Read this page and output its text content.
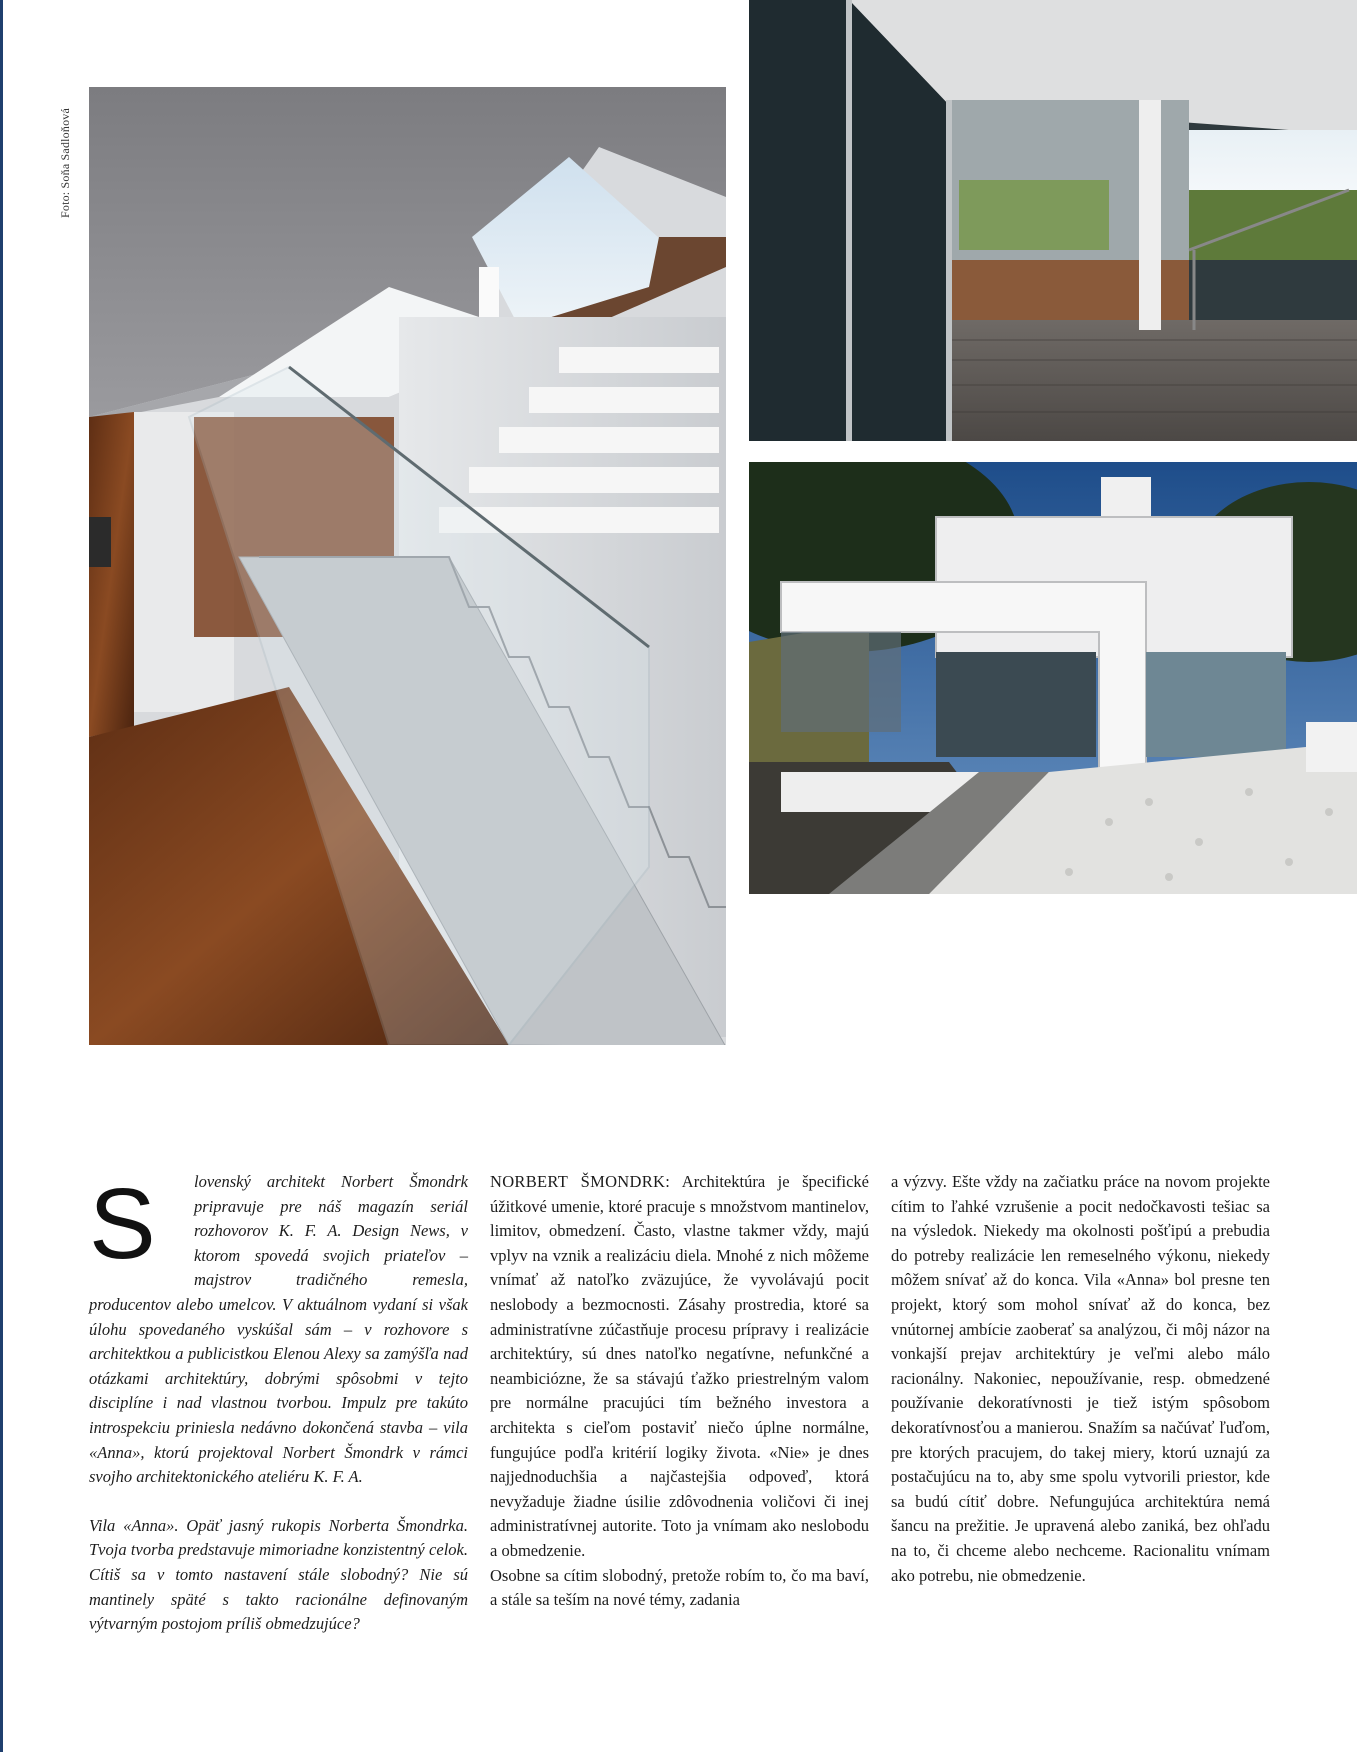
Foto: Soňa Sadloňová
S	lovenský architekt Norbert Šmondrk pripravuje pre náš magazín seriál rozhovorov K. F. A. Design News, v ktorom spovedá svojich priateľov – majstrov tradičného remesla, producentov alebo umelcov. V aktuálnom vydaní si však úlohu spovedaného vyskúšal sám – v rozhovore s architektkou a publicistkou Elenou Alexy sa zamýšľa nad otázkami architektúry, dobrými spôsobmi v tejto disciplíne i nad vlastnou tvorbou. Impulz pre takúto introspekciu priniesla nedávno dokončená stavba – vila «Anna», ktorú projektoval Norbert Šmondrk v rámci svojho architektonického ateliéru K. F. A.

Vila «Anna». Opäť jasný rukopis Norberta Šmondrka. Tvoja tvorba predstavuje mimoriadne konzistentný celok. Cítiš sa v tomto nastavení stále slobodný? Nie sú mantinely späté s takto racionálne definovaným výtvarným postojom príliš obmedzujúce?

NORBERT ŠMONDRK: Architektúra je špecifické úžitkové umenie, ktoré pracuje s množstvom mantinelov, limitov, obmedzení. Často, vlastne takmer vždy, majú vplyv na vznik a realizáciu diela. Mnohé z nich môžeme vnímať až natoľko zväzujúce, že vyvolávajú pocit neslobody a bezmocnosti. Zásahy prostredia, ktoré sa administratívne zúčastňuje procesu prípravy i realizácie architektúry, sú dnes natoľko negatívne, nefunkčné a neambiciózne, že sa stávajú ťažko priestrelným valom pre normálne pracujúci tím bežného investora a architekta s cieľom postaviť niečo úplne normálne, fungujúce podľa kritérií logiky života. «Nie» je dnes najjednoduchšia a najčastejšia odpoveď, ktorá nevyžaduje žiadne úsilie zdôvodnenia voličovi či inej administratívnej autorite. Toto ja vnímam ako neslobodu a obmedzenie.

Osobne sa cítim slobodný, pretože robím to, čo ma baví, a stále sa teším na nové témy, zadania

a výzvy. Ešte vždy na začiatku práce na novom projekte cítim to ľahké vzrušenie a pocit nedočkavosti tešiac sa na výsledok. Niekedy ma okolnosti pošťipú a prebudia do potreby realizácie len remeselného výkonu, niekedy môžem snívať až do konca. Vila «Anna» bol presne ten projekt, ktorý som mohol snívať až do konca, bez vnútornej ambície zaoberať sa analýzou, či môj názor na vonkajší prejav architektúry je veľmi alebo málo racionálny. Nakoniec, nepoužívanie, resp. obmedzené používanie dekoratívnosti je tiež istým spôsobom dekoratívnosťou a manierou. Snažím sa načúvať ľuďom, pre ktorých pracujem, do takej miery, ktorú uznajú za postačujúcu na to, aby sme spolu vytvorili priestor, kde sa budú cítiť dobre. Nefungujúca architektúra nemá šancu na prežitie. Je upravená alebo zaniká, bez ohľadu na to, či chceme alebo nechceme. Racionalitu vnímam ako potrebu, nie obmedzenie.
